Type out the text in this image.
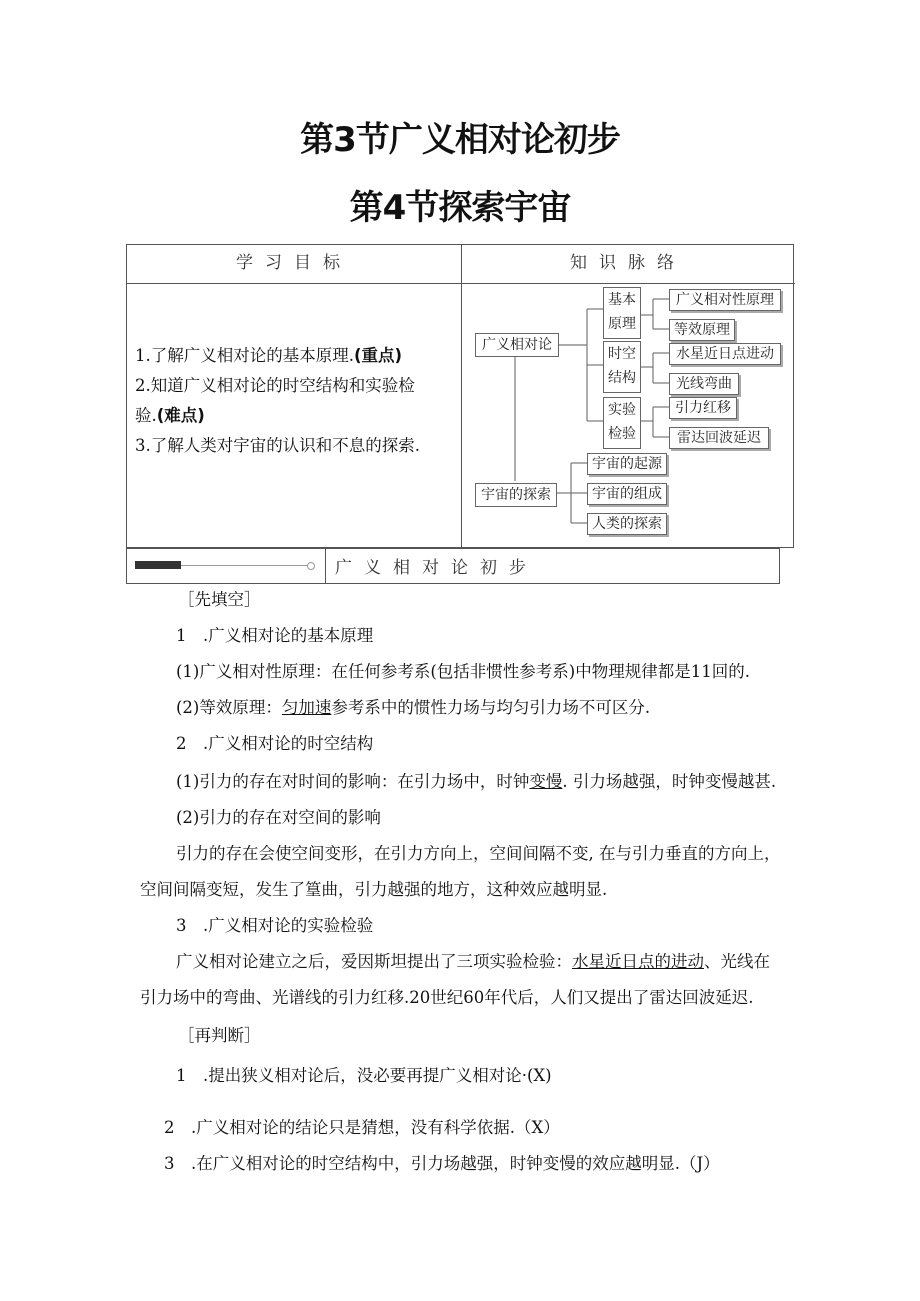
第3节广义相对论初步
第4节探索宇宙
学习目标	知识脉络

1.了解广义相对论的基本原理.(重点)

2.知道广义相对论的时空结构和实验检

验.(难点)

3.了解人类对宇宙的认识和不息的探索.

广义相对论
基本
原理
时空
结构
实验
检验
广义相对性原理
等效原理
水星近日点进动
光线弯曲
引力红移
雷达回波延迟
宇宙的探索
宇宙的起源
宇宙的组成
人类的探索
广义相对论初步
［先填空］
1　.广义相对论的基本原理
(1)广义相对性原理：在任何参考系(包括非惯性参考系)中物理规律都是11回的.
(2)等效原理：匀加速参考系中的惯性力场与均匀引力场不可区分.
2　.广义相对论的时空结构
(1)引力的存在对时间的影响：在引力场中，时钟变慢. 引力场越强，时钟变慢越甚.
(2)引力的存在对空间的影响
引力的存在会使空间变形，在引力方向上，空间间隔不变, 在与引力垂直的方向上，
空间间隔变短，发生了篁曲，引力越强的地方，这种效应越明显.
3　.广义相对论的实验检验
广义相对论建立之后，爱因斯坦提出了三项实验检验：水星近日点的进动、光线在
引力场中的弯曲、光谱线的引力红移.20世纪60年代后，人们又提出了雷达回波延迟.
［再判断］
1　.提出狭义相对论后，没必要再提广义相对论·(X)
2　.广义相对论的结论只是猜想，没有科学依据.（X）
3　.在广义相对论的时空结构中，引力场越强，时钟变慢的效应越明显.（J）
